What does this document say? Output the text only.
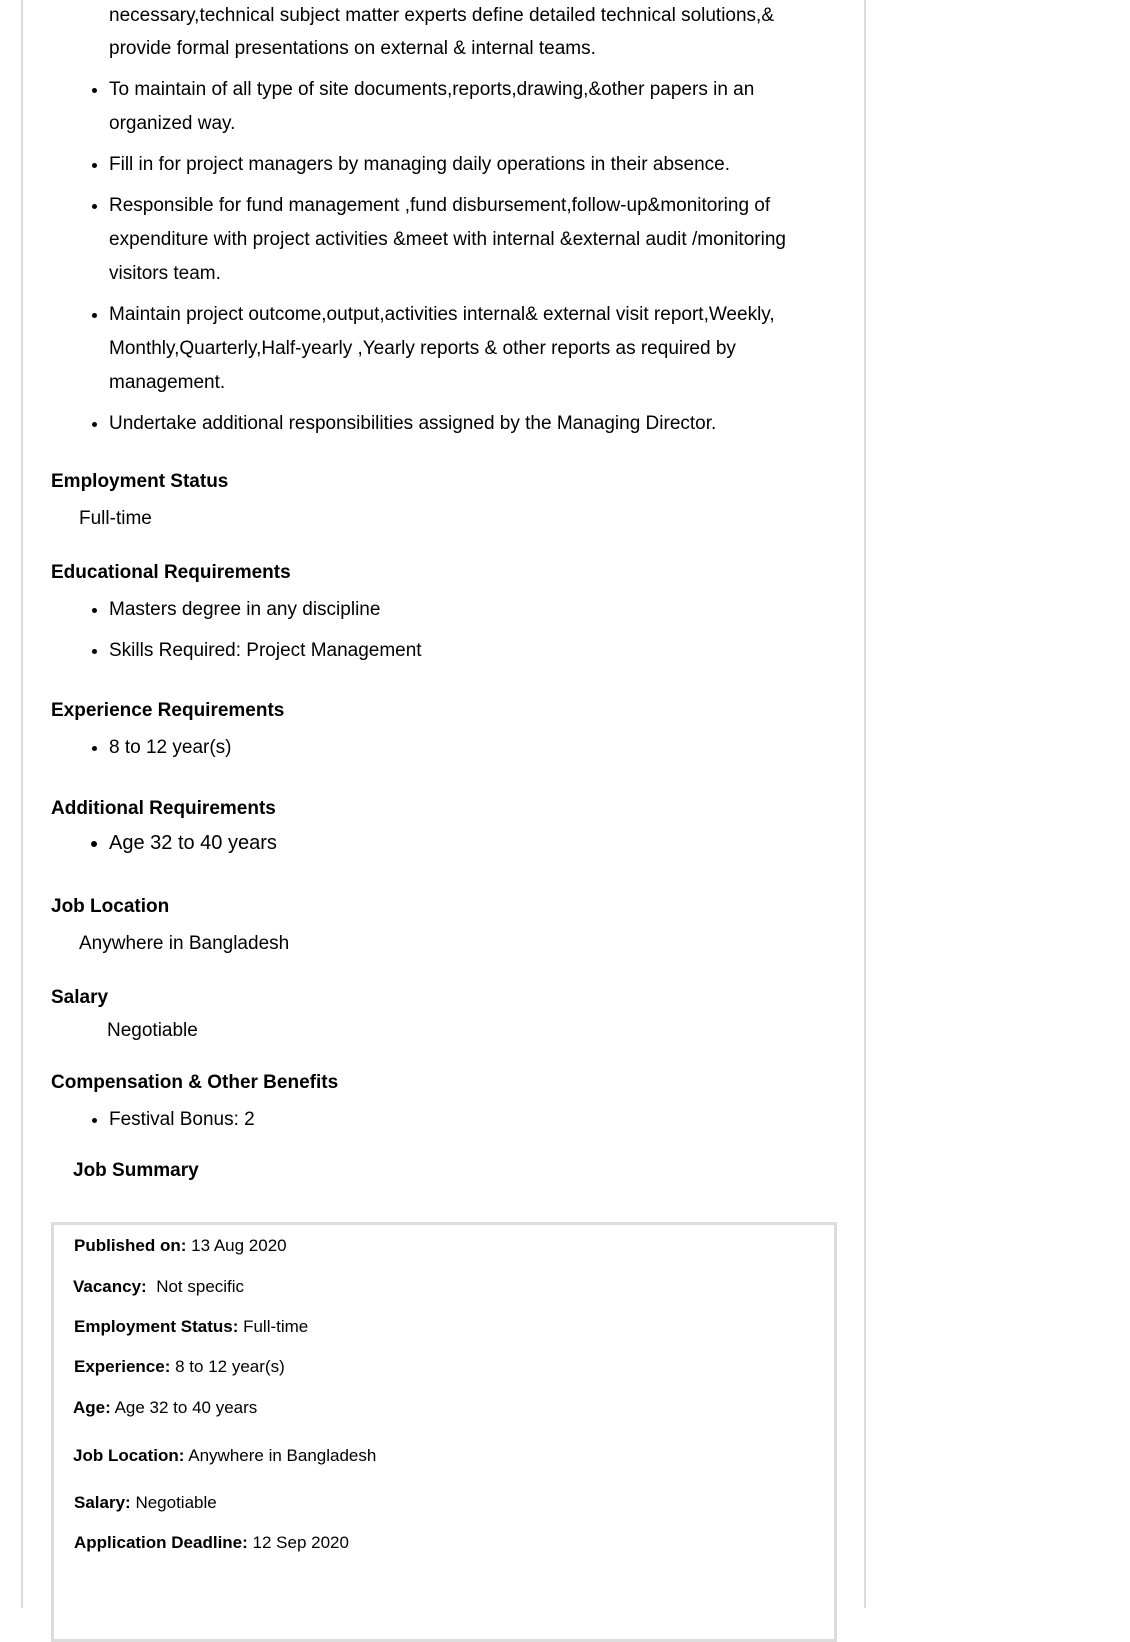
necessary,technical subject matter experts define detailed technical solutions,& provide formal presentations on external & internal teams.
• To maintain of all type of site documents,reports,drawing,&other papers in an organized way.
• Fill in for project managers by managing daily operations in their absence.
• Responsible for fund management ,fund disbursement,follow-up&monitoring of expenditure with project activities &meet with internal &external audit /monitoring visitors team.
• Maintain project outcome,output,activities internal& external visit report,Weekly, Monthly,Quarterly,Half-yearly ,Yearly reports & other reports as required by management.
• Undertake additional responsibilities assigned by the Managing Director.

Employment Status

Full-time

Educational Requirements

• Masters degree in any discipline
• Skills Required: Project Management

Experience Requirements

• 8 to 12 year(s)

Additional Requirements

• Age 32 to 40 years

Job Location

Anywhere in Bangladesh

Salary

Negotiable

Compensation & Other Benefits

• Festival Bonus: 2

Job Summary

Published on: 13 Aug 2020
Vacancy:  Not specific
Employment Status: Full-time
Experience: 8 to 12 year(s)
Age: Age 32 to 40 years
Job Location: Anywhere in Bangladesh
Salary: Negotiable
Application Deadline: 12 Sep 2020
